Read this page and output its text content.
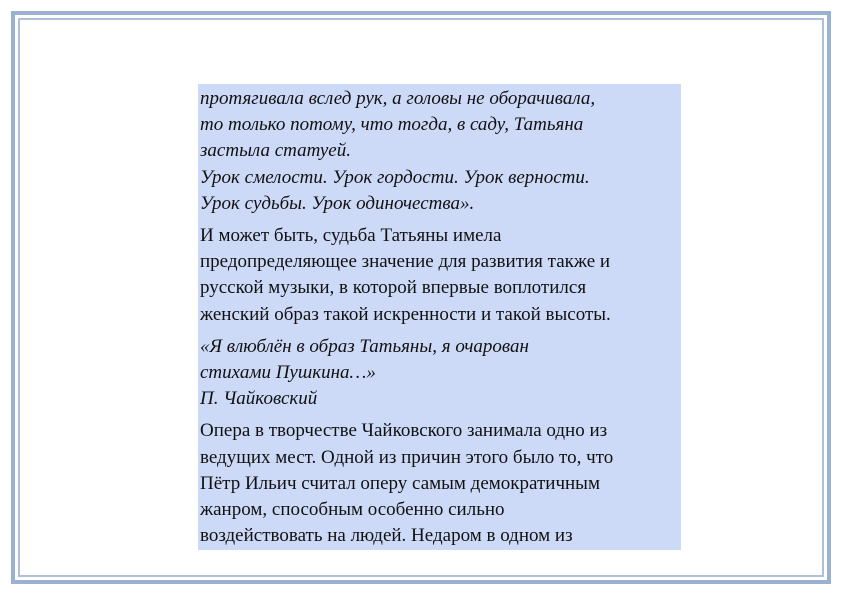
протягивала вслед рук, а головы не оборачивала,
то только потому, что тогда, в саду, Татьяна
застыла статуей.

Урок смелости. Урок гордости. Урок верности.
Урок судьбы. Урок одиночества».

И может быть, судьба Татьяны имела
предопределяющее значение для развития также и
русской музыки, в которой впервые воплотился
женский образ такой искренности и такой высоты.

«Я влюблён в образ Татьяны, я очарован
стихами Пушкина…»

П. Чайковский

Опера в творчестве Чайковского занимала одно из
ведущих мест. Одной из причин этого было то, что
Пётр Ильич считал оперу самым демократичным
жанром, способным особенно сильно
воздействовать на людей. Недаром в одном из
